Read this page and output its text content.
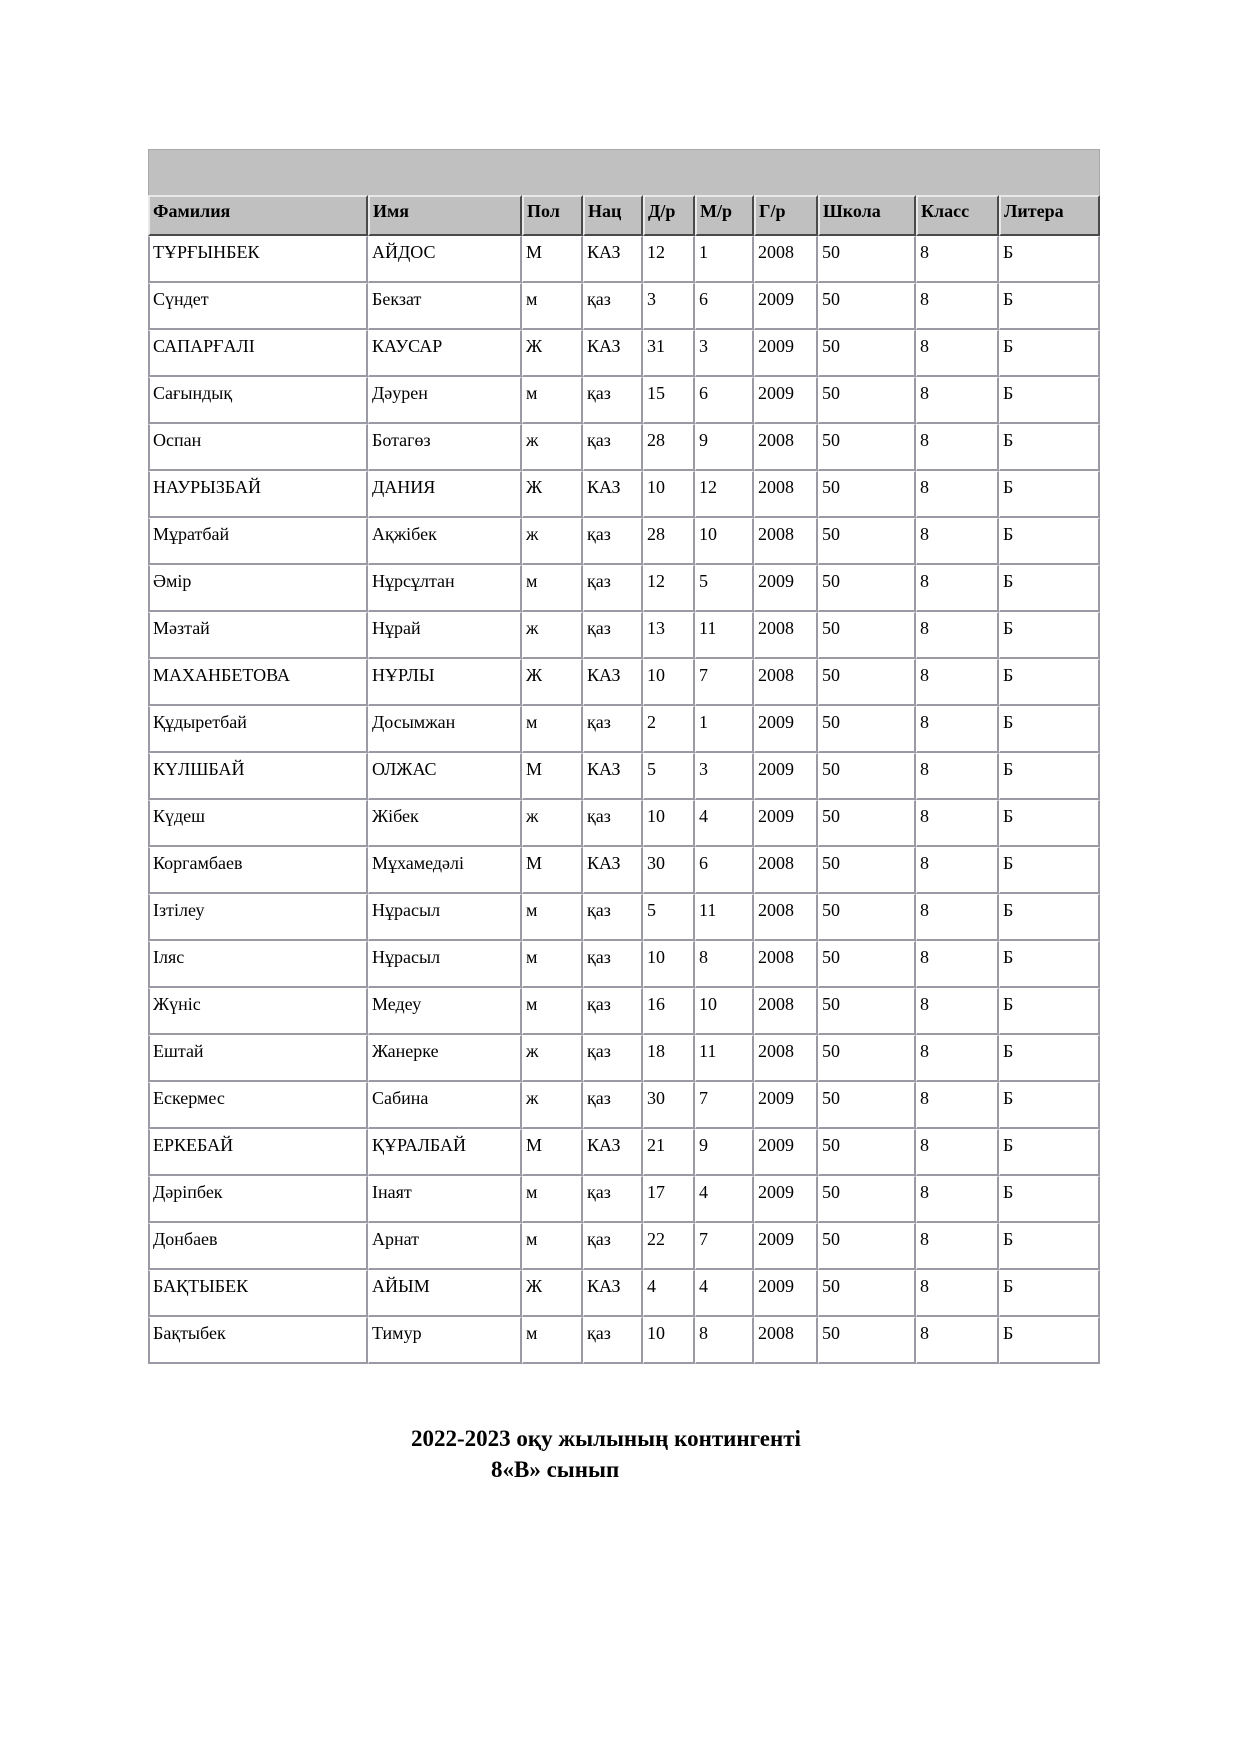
Фамилия	Имя	Пол	Нац	Д/р	М/р	Г/р	Школа	Класс	Литера
ТҰРҒЫНБЕК	АЙДОС	М	КАЗ	12	1	2008	50	8	Б
Сүндет	Бекзат	м	қаз	3	6	2009	50	8	Б
САПАРҒАЛІ	КАУСАР	Ж	КАЗ	31	3	2009	50	8	Б
Сағындық	Дәурен	м	қаз	15	6	2009	50	8	Б
Оспан	Ботагөз	ж	қаз	28	9	2008	50	8	Б
НАУРЫЗБАЙ	ДАНИЯ	Ж	КАЗ	10	12	2008	50	8	Б
Мұратбай	Ақжібек	ж	қаз	28	10	2008	50	8	Б
Әмір	Нұрсұлтан	м	қаз	12	5	2009	50	8	Б
Мәзтай	Нұрай	ж	қаз	13	11	2008	50	8	Б
МАХАНБЕТОВА	НҰРЛЫ	Ж	КАЗ	10	7	2008	50	8	Б
Құдыретбай	Досымжан	м	қаз	2	1	2009	50	8	Б
КҮЛШБАЙ	ОЛЖАС	М	КАЗ	5	3	2009	50	8	Б
Күдеш	Жібек	ж	қаз	10	4	2009	50	8	Б
Коргамбаев	Мұхамедәлі	М	КАЗ	30	6	2008	50	8	Б
Ізтілеу	Нұрасыл	м	қаз	5	11	2008	50	8	Б
Іляс	Нұрасыл	м	қаз	10	8	2008	50	8	Б
Жүніс	Медеу	м	қаз	16	10	2008	50	8	Б
Ештай	Жанерке	ж	қаз	18	11	2008	50	8	Б
Ескермес	Сабина	ж	қаз	30	7	2009	50	8	Б
ЕРКЕБАЙ	ҚҰРАЛБАЙ	М	КАЗ	21	9	2009	50	8	Б
Дәріпбек	Інаят	м	қаз	17	4	2009	50	8	Б
Донбаев	Арнат	м	қаз	22	7	2009	50	8	Б
БАҚТЫБЕК	АЙЫМ	Ж	КАЗ	4	4	2009	50	8	Б
Бақтыбек	Тимур	м	қаз	10	8	2008	50	8	Б
2022-2023 оқу жылының контингенті
8«В» сынып
